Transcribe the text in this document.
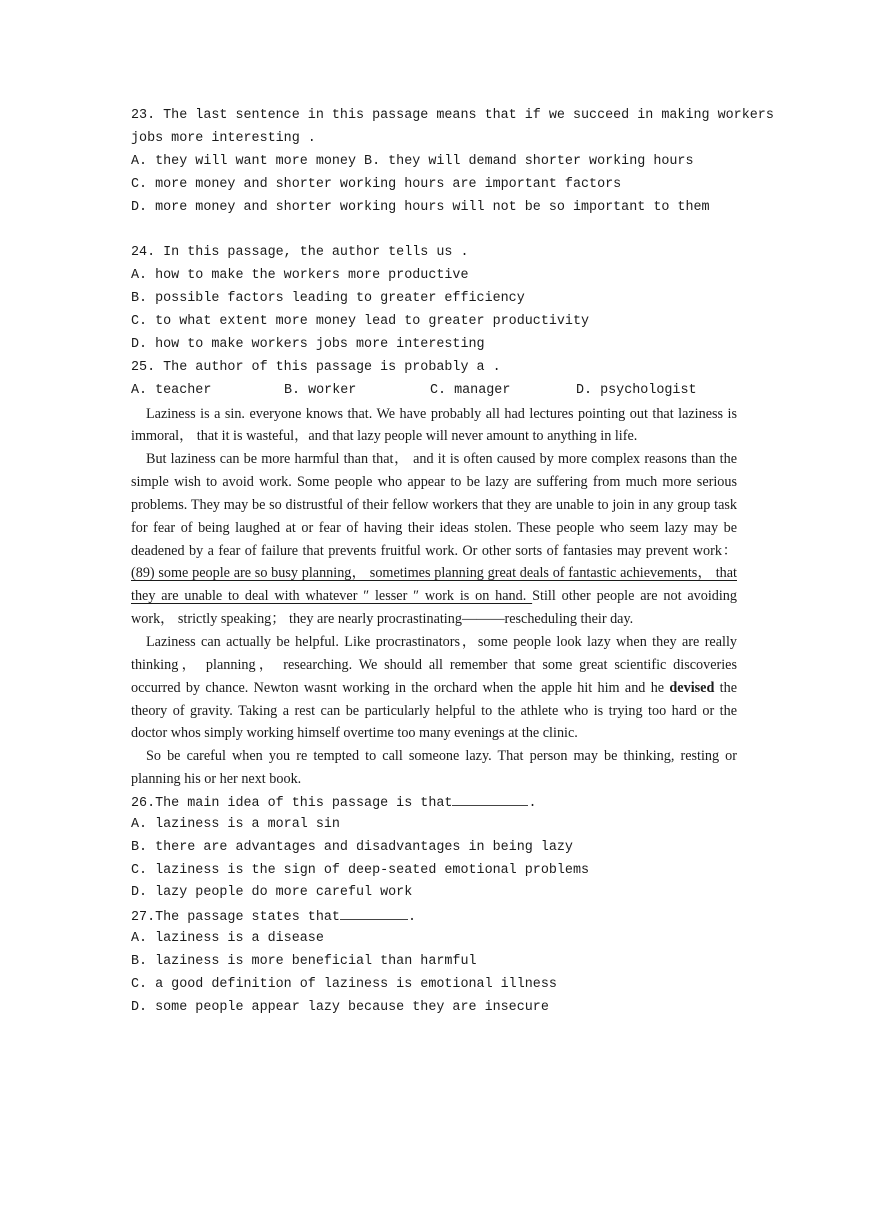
23. The last sentence in this passage means that if we succeed in making workers
jobs more interesting .
A. they will want more money B. they will demand shorter working hours
C. more money and shorter working hours are important factors
D. more money and shorter working hours will not be so important to them
24. In this passage, the author tells us .
A. how to make the workers more productive
B. possible factors leading to greater efficiency
C. to what extent more money lead to greater productivity
D. how to make workers jobs more interesting
25. The author of this passage is probably a .
A. teacher	B. worker	C. manager	D. psychologist

Laziness is a sin. everyone knows that. We have probably all had lectures pointing out that laziness is immoral， that it is wasteful，and that lazy people will never amount to anything in life.

But laziness can be more harmful than that， and it is often caused by more complex reasons than the simple wish to avoid work. Some people who appear to be lazy are suffering from much more serious problems. They may be so distrustful of their fellow workers that they are unable to join in any group task for fear of being laughed at or fear of having their ideas stolen. These people who seem lazy may be deadened by a fear of failure that prevents fruitful work. Or other sorts of fantasies may prevent work：(89) some people are so busy planning， sometimes planning great deals of fantastic achievements， that they are unable to deal with whatever ″ lesser ″ work is on hand. Still other people are not avoiding work， strictly speaking； they are nearly procrastinating———rescheduling their day.

Laziness can actually be helpful. Like procrastinators，some people look lazy when they are really thinking， planning， researching. We should all remember that some great scientific discoveries occurred by chance. Newton wasnt working in the orchard when the apple hit him and he devised the theory of gravity. Taking a rest can be particularly helpful to the athlete who is trying too hard or the doctor whos simply working himself overtime too many evenings at the clinic.

So be careful when you re tempted to call someone lazy. That person may be thinking, resting or planning his or her next book.

26.The main idea of this passage is that	.
A. laziness is a moral sin
B. there are advantages and disadvantages in being lazy
C. laziness is the sign of deep-seated emotional problems
D. lazy people do more careful work
27.The passage states that	.
A. laziness is a disease
B. laziness is more beneficial than harmful
C. a good definition of laziness is emotional illness
D. some people appear lazy because they are insecure
